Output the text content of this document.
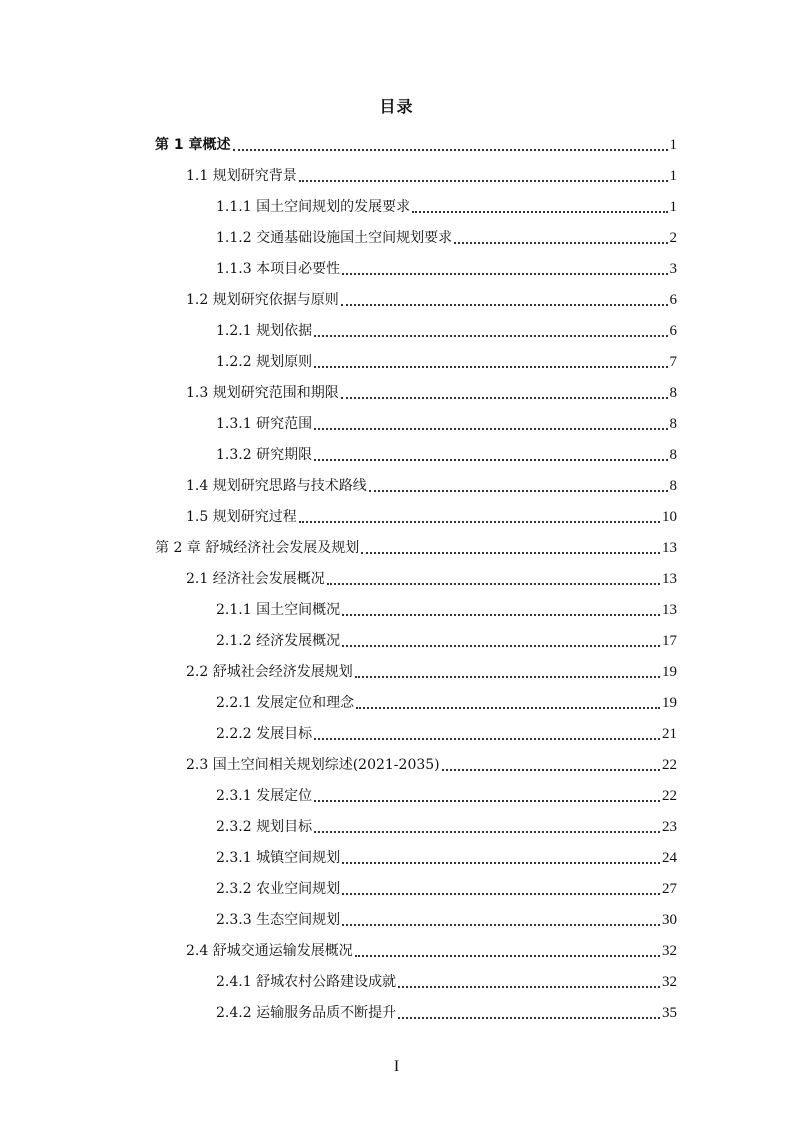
目录
第 1 章概述	1
1.1 规划研究背景	1
1.1.1 国土空间规划的发展要求	1
1.1.2 交通基础设施国土空间规划要求	2
1.1.3 本项目必要性	3
1.2 规划研究依据与原则	6
1.2.1 规划依据	6
1.2.2 规划原则	7
1.3 规划研究范围和期限	8
1.3.1 研究范围	8
1.3.2 研究期限	8
1.4 规划研究思路与技术路线	8
1.5 规划研究过程	10
第 2 章 舒城经济社会发展及规划	13
2.1 经济社会发展概况	13
2.1.1 国土空间概况	13
2.1.2 经济发展概况	17
2.2 舒城社会经济发展规划	19
2.2.1 发展定位和理念	19
2.2.2 发展目标	21
2.3 国土空间相关规划综述(2021-2035)	22
2.3.1 发展定位	22
2.3.2 规划目标	23
2.3.1 城镇空间规划	24
2.3.2 农业空间规划	27
2.3.3 生态空间规划	30
2.4 舒城交通运输发展概况	32
2.4.1 舒城农村公路建设成就	32
2.4.2 运输服务品质不断提升	35
I
